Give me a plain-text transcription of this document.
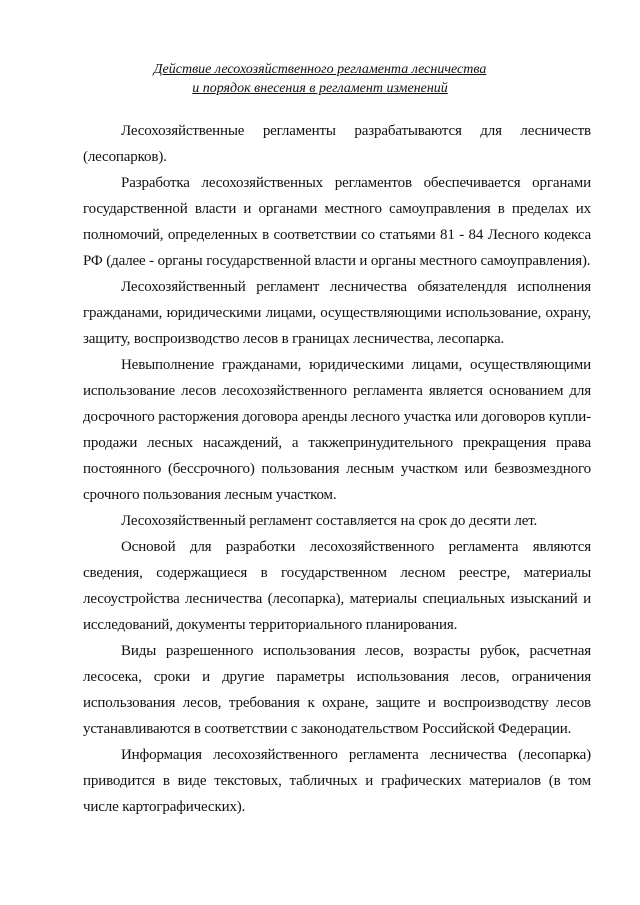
Действие лесохозяйственного регламента лесничества
и порядок внесения в регламент изменений

Лесохозяйственные регламенты разрабатываются для лесничеств (лесопарков).

Разработка лесохозяйственных регламентов обеспечивается органами государственной власти и органами местного самоуправления в пределах их полномочий, определенных в соответствии со статьями 81 - 84 Лесного кодекса РФ (далее - органы государственной власти и органы местного самоуправления).

Лесохозяйственный регламент лесничества обязателендля исполнения гражданами, юридическими лицами, осуществляющими использование, охрану, защиту, воспроизводство лесов в границах лесничества, лесопарка.

Невыполнение гражданами, юридическими лицами, осуществляющими использование лесов лесохозяйственного регламента является основанием для досрочного расторжения договора аренды лесного участка или договоров купли-продажи лесных насаждений, а такжепринудительного прекращения права постоянного (бессрочного) пользования лесным участком или безвозмездного срочного пользования лесным участком.

Лесохозяйственный регламент составляется на срок до десяти лет.

Основой для разработки лесохозяйственного регламента являются сведения, содержащиеся в государственном лесном реестре, материалы лесоустройства лесничества (лесопарка), материалы специальных изысканий и исследований, документы территориального планирования.

Виды разрешенного использования лесов, возрасты рубок, расчетная лесосека, сроки и другие параметры использования лесов, ограничения использования лесов, требования к охране, защите и воспроизводству лесов устанавливаются в соответствии с законодательством Российской Федерации.

Информация лесохозяйственного регламента лесничества (лесопарка) приводится в виде текстовых, табличных и графических материалов (в том числе картографических).
